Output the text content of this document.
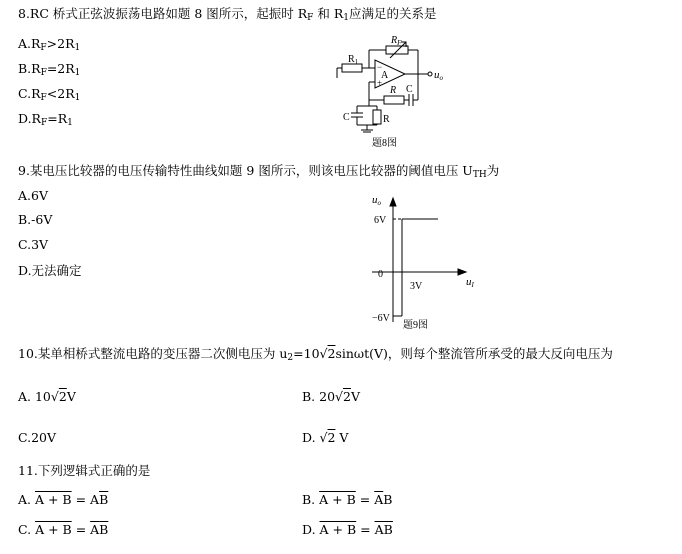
8.RC 桥式正弦波振荡电路如题 8 图所示，起振时 $R_F$ 和 $R_1$应满足的关系是
$A.R_F>2R_1$
$B.R_F=2R_1$
$C.R_F<2R_1$
$D.R_F=R_1$
$R_1$
$R_F$
A
−
+
uo
R C
C	R
题8图
9.某电压比较器的电压传输特性曲线如题 9 图所示，则该电压比较器的阈值电压 $U_{TH}$为
A.6V
B.-6V
C.3V
D.无法确定
uo
6V
0
3V
−6V
uI
题9图
10.某单相桥式整流电路的变压器二次侧电压为 $u_2=10√2\sin\omega t(V)$，则每个整流管所承受的最大反向电压为
A. 10√2V	B. 20√2V
C.20V	D. √2 V
11.下列逻辑式正确的是
A. $A + B = A\overline{B}$	B. $A + B = \overline{A}B$
C. $A + B = \overline{A}\overline{B}$	D. A + B = AB
